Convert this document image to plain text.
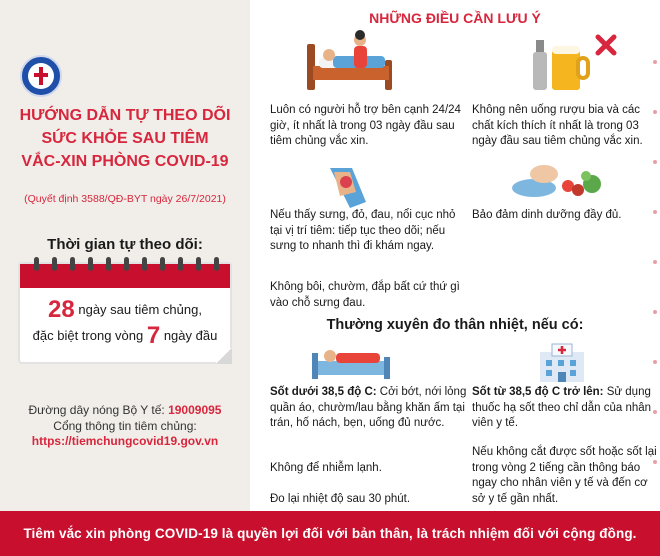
HƯỚNG DẪN TỰ THEO DÕI
SỨC KHỎE SAU TIÊM
VẮC-XIN PHÒNG COVID-19
(Quyết định 3588/QĐ-BYT ngày 26/7/2021)
Thời gian tự theo dõi:
28 ngày sau tiêm chủng,
đặc biệt trong vòng 7 ngày đầu
Đường dây nóng Bộ Y tế: 19009095
Cổng thông tin tiêm chủng:
https://tiemchungcovid19.gov.vn
NHỮNG ĐIỀU CẦN LƯU Ý
Luôn có người hỗ trợ bên cạnh 24/24 giờ, ít nhất là trong 03 ngày đầu sau tiêm chủng vắc xin.
Không nên uống rượu bia và các chất kích thích ít nhất là trong 03 ngày đầu sau tiêm chủng vắc xin.
Nếu thấy sưng, đỏ, đau, nổi cục nhỏ tại vị trí tiêm: tiếp tục theo dõi; nếu sưng to nhanh thì đi khám ngay.
Bảo đảm dinh dưỡng đầy đủ.
Không bôi, chườm, đắp bất cứ thứ gì vào chỗ sưng đau.
Thường xuyên đo thân nhiệt, nếu có:
Sốt dưới 38,5 độ C: Cởi bớt, nới lỏng quần áo, chườm/lau bằng khăn ấm tại trán, hố nách, bẹn, uống đủ nước.
Không để nhiễm lạnh.
Đo lại nhiệt độ sau 30 phút.
Sốt từ 38,5 độ C trở lên: Sử dụng thuốc hạ sốt theo chỉ dẫn của nhân viên y tế.
Nếu không cắt được sốt hoặc sốt lại trong vòng 2 tiếng cần thông báo ngay cho nhân viên y tế và đến cơ sở y tế gần nhất.
Tiêm vắc xin phòng COVID-19 là quyền lợi đối với bản thân, là trách nhiệm đối với cộng đồng.
